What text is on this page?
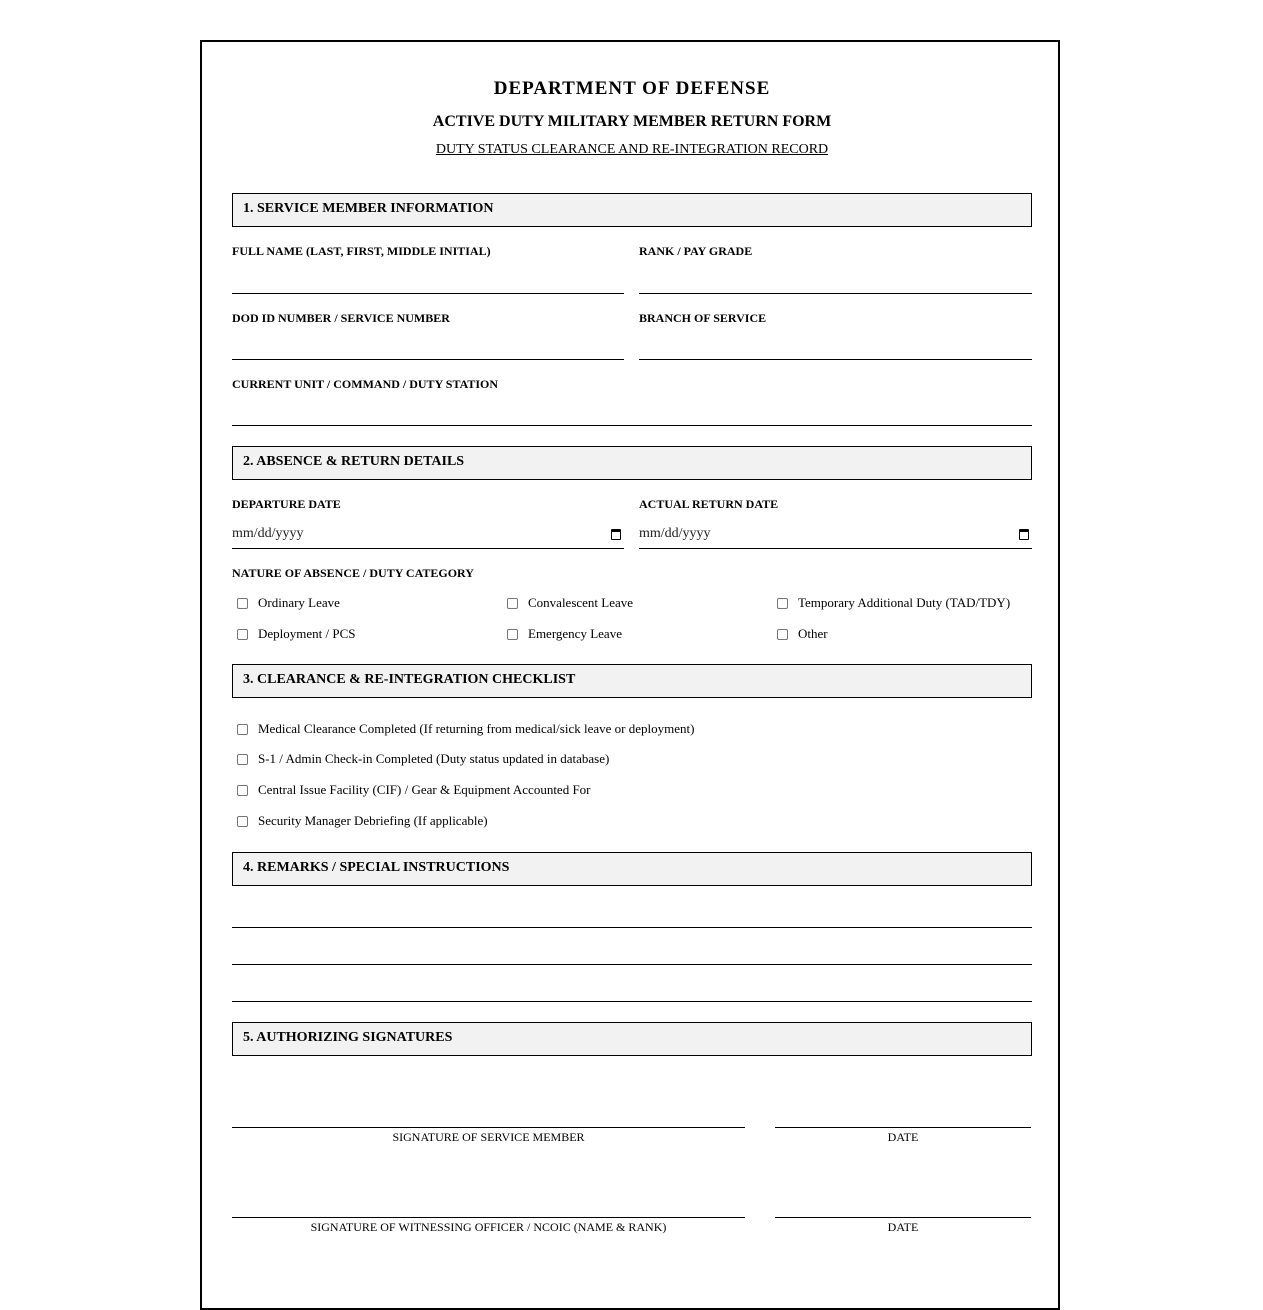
DEPARTMENT OF DEFENSE
ACTIVE DUTY MILITARY MEMBER RETURN FORM
DUTY STATUS CLEARANCE AND RE-INTEGRATION RECORD
1. SERVICE MEMBER INFORMATION
FULL NAME (LAST, FIRST, MIDDLE INITIAL)	RANK / PAY GRADE
DOD ID NUMBER / SERVICE NUMBER	BRANCH OF SERVICE
CURRENT UNIT / COMMAND / DUTY STATION
2. ABSENCE & RETURN DETAILS
DEPARTURE DATE
mm/dd/yyyy
ACTUAL RETURN DATE
mm/dd/yyyy
NATURE OF ABSENCE / DUTY CATEGORY
Ordinary Leave	Convalescent Leave	Temporary Additional Duty (TAD/TDY)
Deployment / PCS	Emergency Leave	Other
3. CLEARANCE & RE-INTEGRATION CHECKLIST
Medical Clearance Completed (If returning from medical/sick leave or deployment)
S-1 / Admin Check-in Completed (Duty status updated in database)
Central Issue Facility (CIF) / Gear & Equipment Accounted For
Security Manager Debriefing (If applicable)
4. REMARKS / SPECIAL INSTRUCTIONS
5. AUTHORIZING SIGNATURES
SIGNATURE OF SERVICE MEMBER	DATE
SIGNATURE OF WITNESSING OFFICER / NCOIC (NAME & RANK)	DATE
